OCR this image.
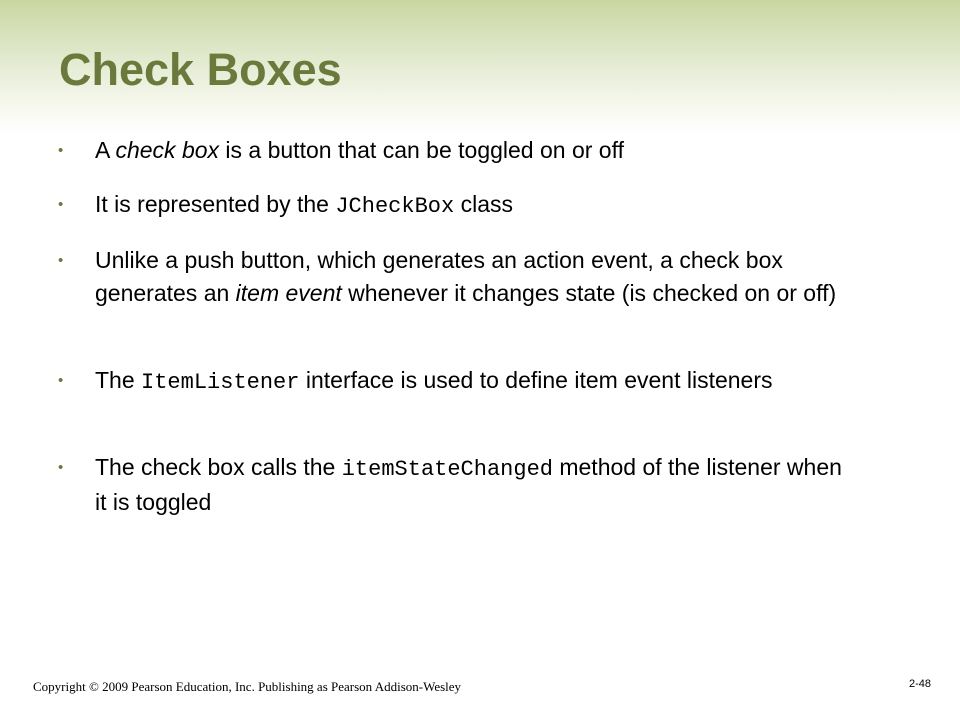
Check Boxes
• A check box is a button that can be toggled on or off
• It is represented by the JCheckBox class
• Unlike a push button, which generates an action event, a check box generates an item event whenever it changes state (is checked on or off)
• The ItemListener interface is used to define item event listeners
• The check box calls the itemStateChanged method of the listener when it is toggled
Copyright © 2009 Pearson Education, Inc. Publishing as Pearson Addison-Wesley	2-48
